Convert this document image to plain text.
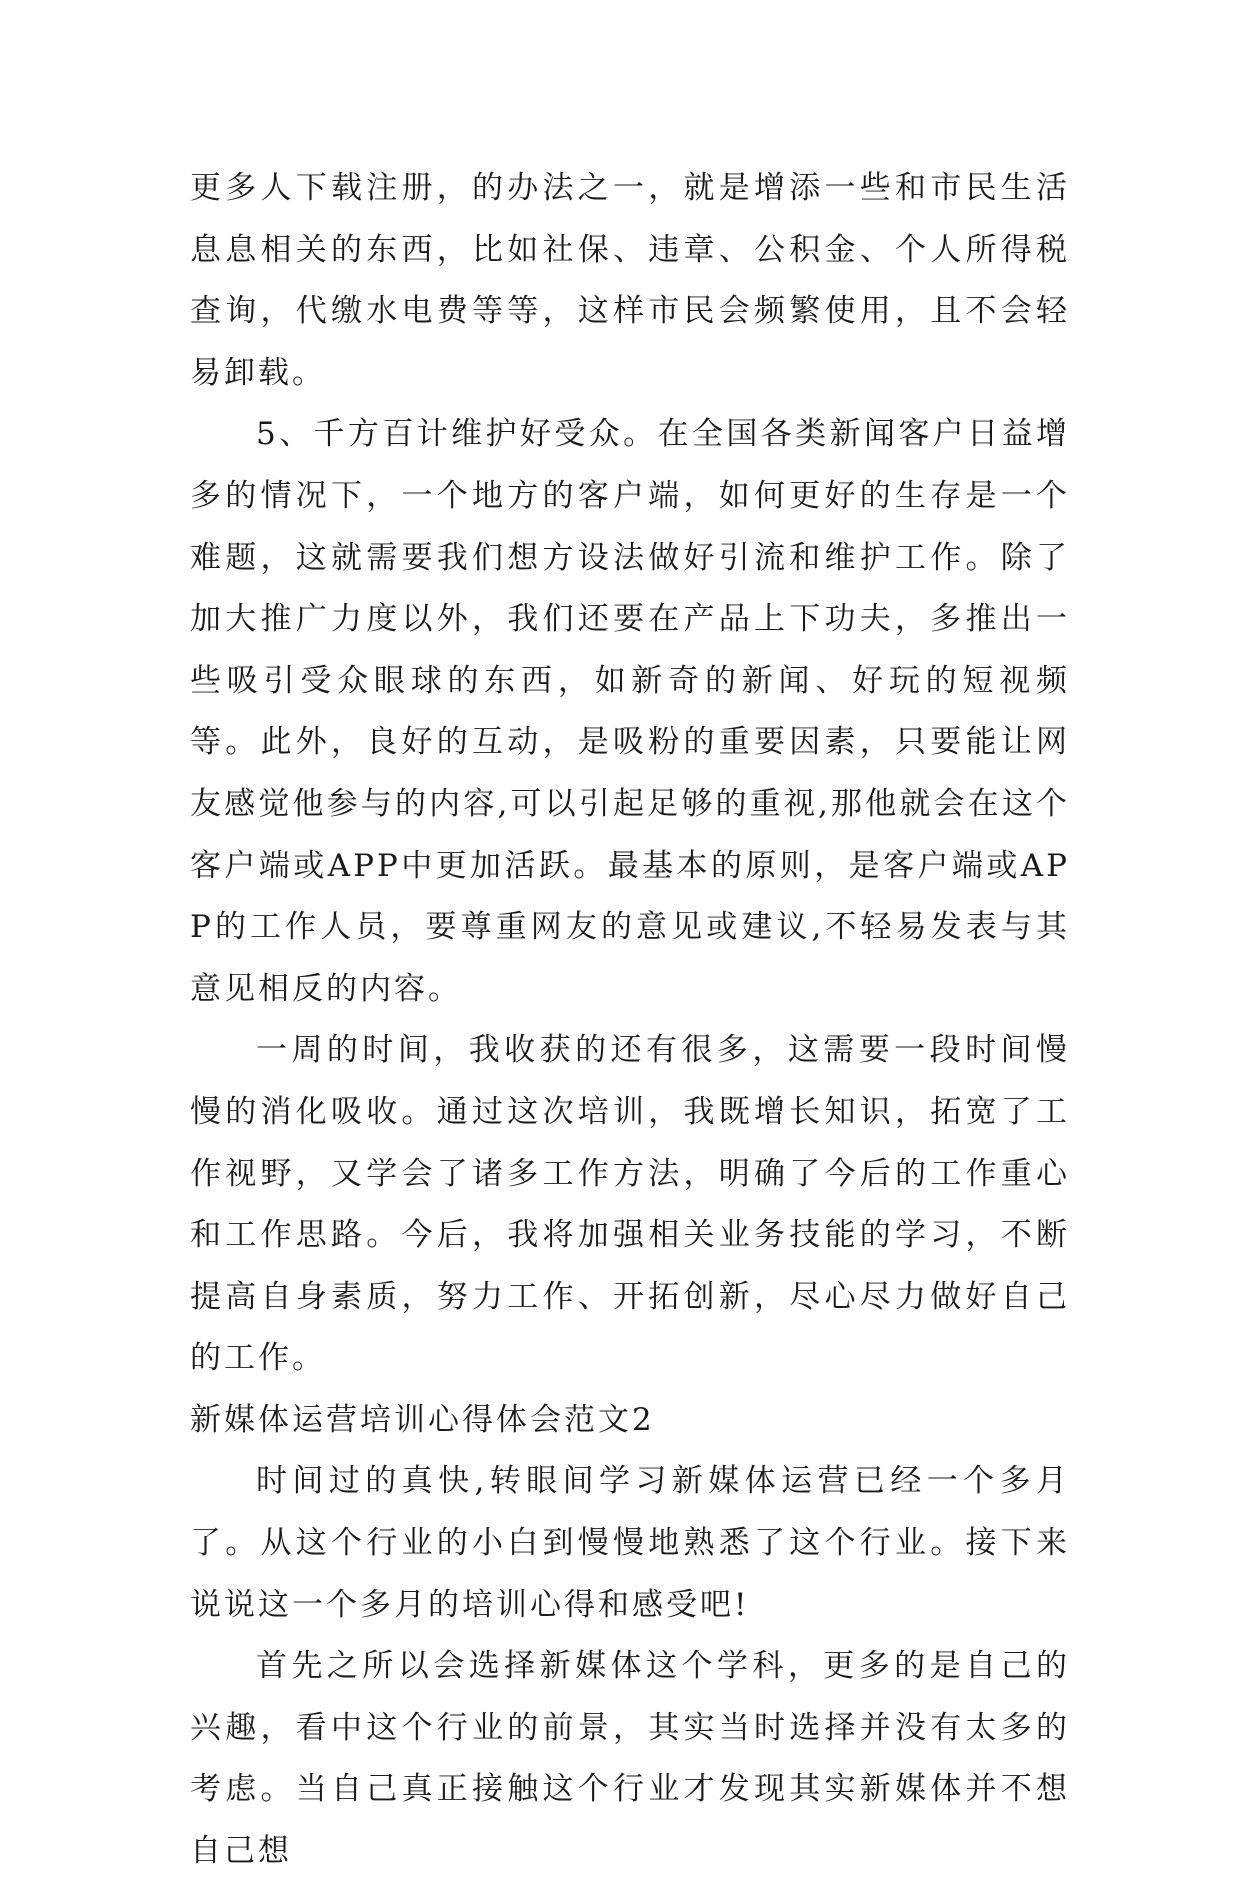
更多人下载注册，的办法之一，就是增添一些和市民生活息息相关的东西，比如社保、违章、公积金、个人所得税查询，代缴水电费等等，这样市民会频繁使用，且不会轻易卸载。

5、千方百计维护好受众。在全国各类新闻客户日益增多的情况下，一个地方的客户端，如何更好的生存是一个难题，这就需要我们想方设法做好引流和维护工作。除了加大推广力度以外，我们还要在产品上下功夫，多推出一些吸引受众眼球的东西，如新奇的新闻、好玩的短视频等。此外，良好的互动，是吸粉的重要因素，只要能让网友感觉他参与的内容,可以引起足够的重视,那他就会在这个客户端或APP中更加活跃。最基本的原则，是客户端或APP的工作人员，要尊重网友的意见或建议,不轻易发表与其意见相反的内容。

一周的时间，我收获的还有很多，这需要一段时间慢慢的消化吸收。通过这次培训，我既增长知识，拓宽了工作视野，又学会了诸多工作方法，明确了今后的工作重心和工作思路。今后，我将加强相关业务技能的学习，不断提高自身素质，努力工作、开拓创新，尽心尽力做好自己的工作。

新媒体运营培训心得体会范文2

时间过的真快,转眼间学习新媒体运营已经一个多月了。从这个行业的小白到慢慢地熟悉了这个行业。接下来说说这一个多月的培训心得和感受吧!

首先之所以会选择新媒体这个学科，更多的是自己的兴趣，看中这个行业的前景，其实当时选择并没有太多的考虑。当自己真正接触这个行业才发现其实新媒体并不想自己想
